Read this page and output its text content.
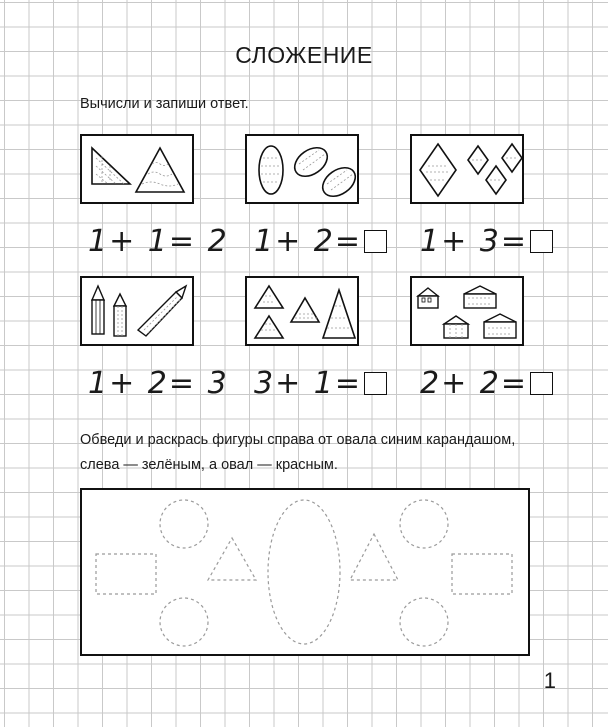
СЛОЖЕНИЕ
Вычисли и запиши ответ.
1+ 1= 2 1+ 2=	1+ 3=
1+ 2= 3 3+ 1=	2+ 2=
Обведи и раскрась фигуры справа от овала синим карандашом,
слева — зелёным, а овал — красным.
1
